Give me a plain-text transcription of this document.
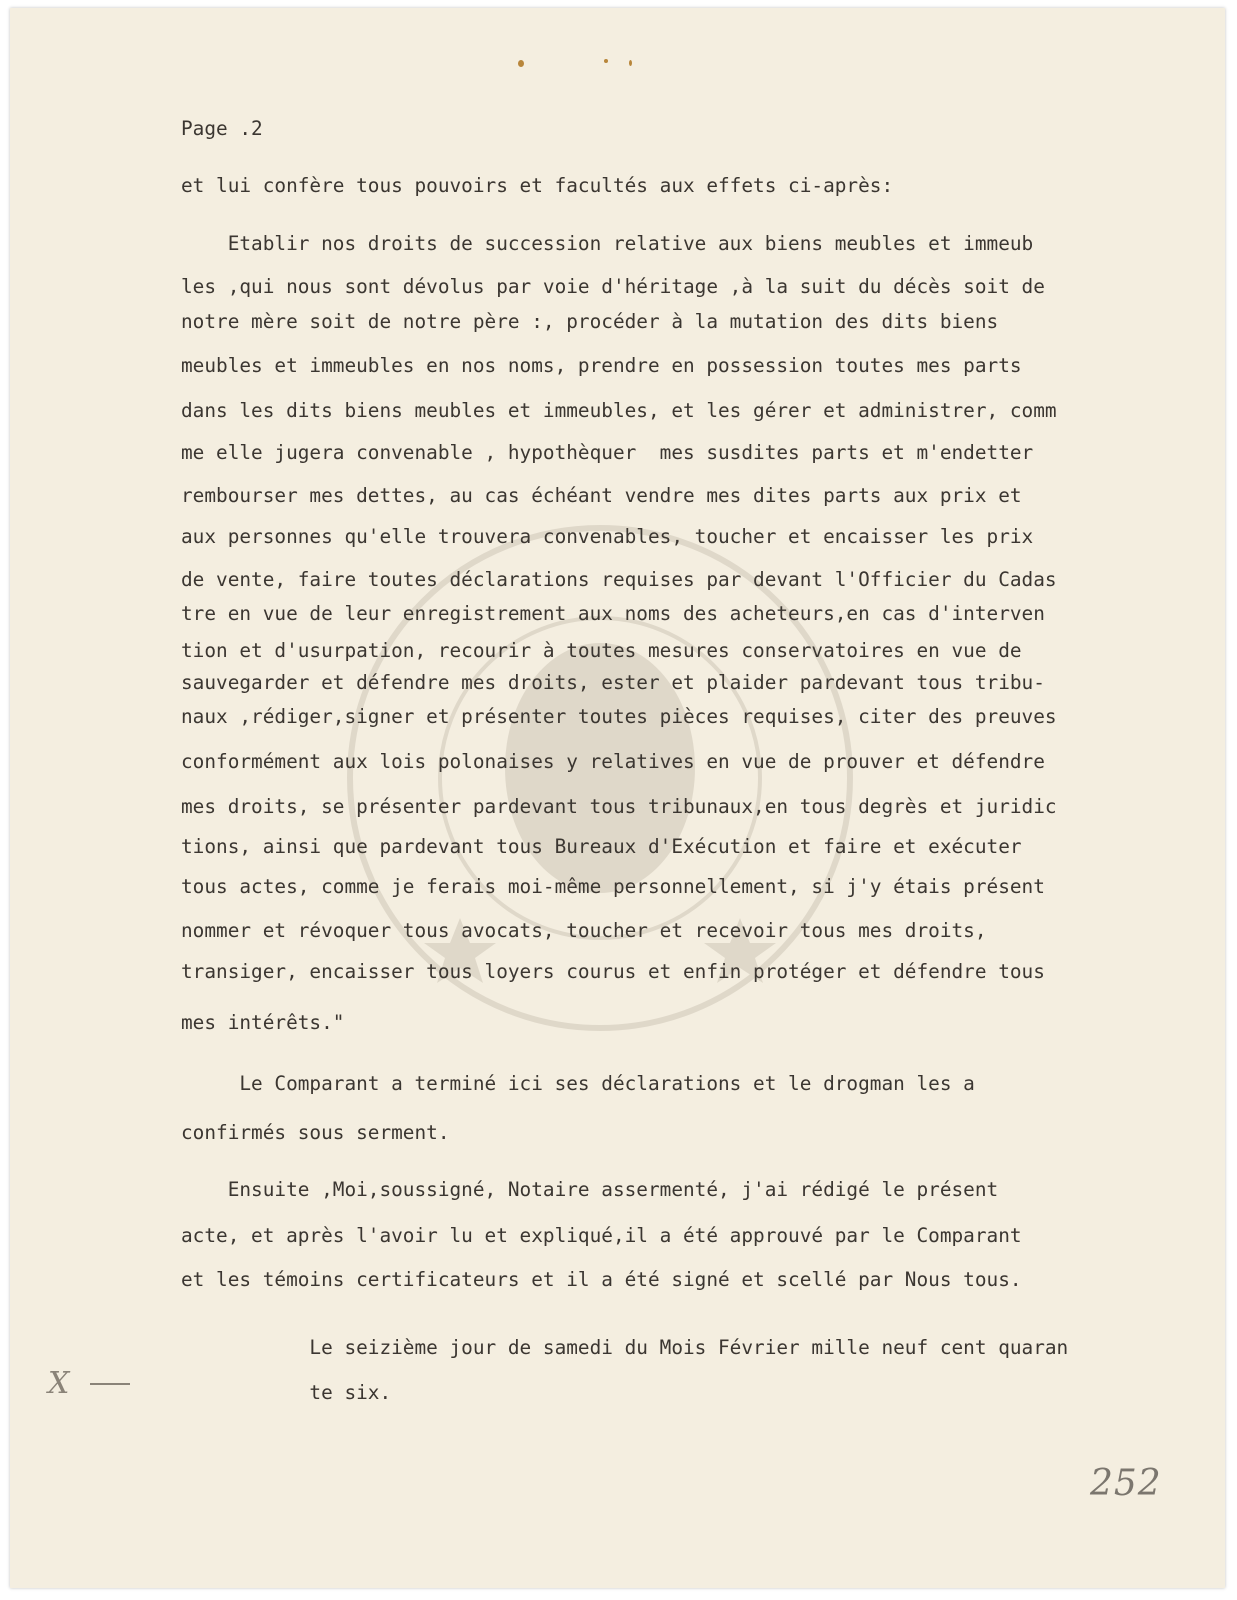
Page .2
et lui confère tous pouvoirs et facultés aux effets ci-après:
Etablir nos droits de succession relative aux biens meubles et immeub
les ,qui nous sont dévolus par voie d'héritage ,à la suit du décès soit de
notre mère soit de notre père :, procéder à la mutation des dits biens
meubles et immeubles en nos noms, prendre en possession toutes mes parts
dans les dits biens meubles et immeubles, et les gérer et administrer, comm
me elle jugera convenable , hypothèquer  mes susdites parts et m'endetter
rembourser mes dettes, au cas échéant vendre mes dites parts aux prix et
aux personnes qu'elle trouvera convenables, toucher et encaisser les prix
de vente, faire toutes déclarations requises par devant l'Officier du Cadas
tre en vue de leur enregistrement aux noms des acheteurs,en cas d'interven
tion et d'usurpation, recourir à toutes mesures conservatoires en vue de
sauvegarder et défendre mes droits, ester et plaider pardevant tous tribu-
naux ,rédiger,signer et présenter toutes pièces requises, citer des preuves
conformément aux lois polonaises y relatives en vue de prouver et défendre
mes droits, se présenter pardevant tous tribunaux,en tous degrès et juridic
tions, ainsi que pardevant tous Bureaux d'Exécution et faire et exécuter
tous actes, comme je ferais moi-même personnellement, si j'y étais présent
nommer et révoquer tous avocats, toucher et recevoir tous mes droits,
transiger, encaisser tous loyers courus et enfin protéger et défendre tous
mes intérêts."
Le Comparant a terminé ici ses déclarations et le drogman les a
confirmés sous serment.
Ensuite ,Moi,soussigné, Notaire assermenté, j'ai rédigé le présent
acte, et après l'avoir lu et expliqué,il a été approuvé par le Comparant
et les témoins certificateurs et il a été signé et scellé par Nous tous.
Le seizième jour de samedi du Mois Février mille neuf cent quaran
te six.
X
252
